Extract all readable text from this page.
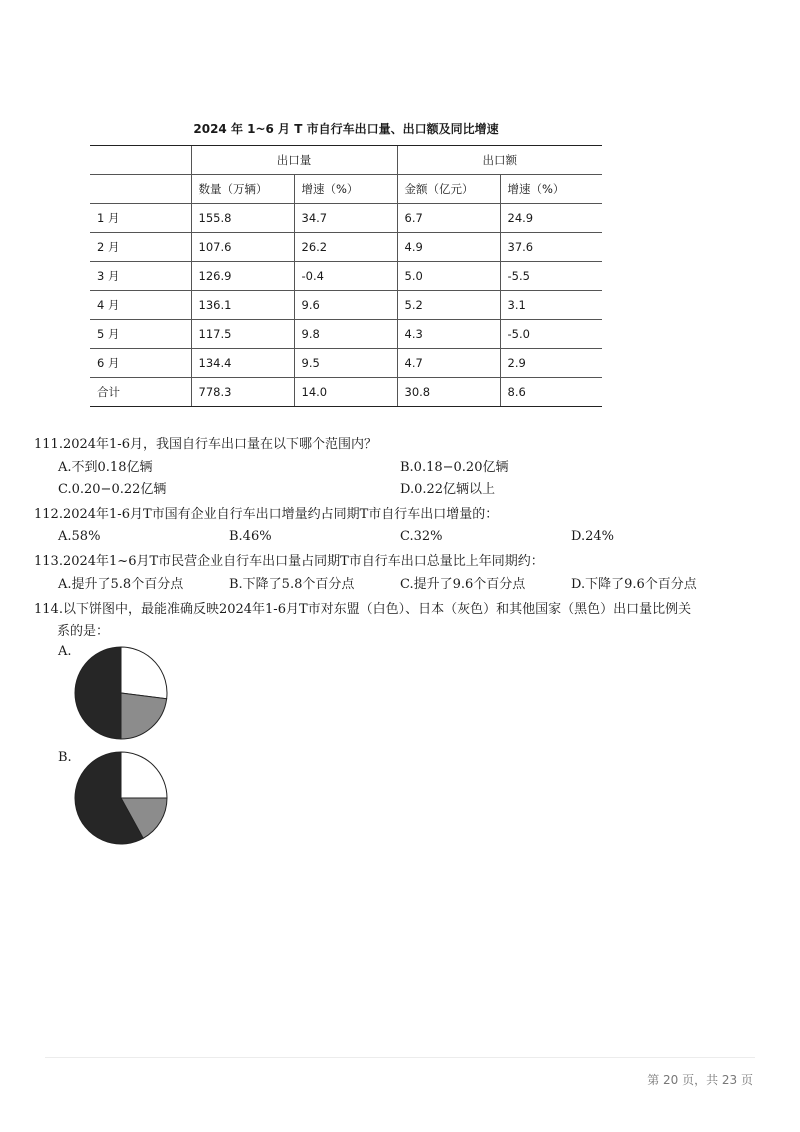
2024 年 1~6 月 T 市自行车出口量、出口额及同比增速
	出口量		出口额	
	数量（万辆）	增速（%）	金额（亿元）	增速（%）
1 月	155.8	34.7	6.7	24.9
2 月	107.6	26.2	4.9	37.6
3 月	126.9	-0.4	5.0	-5.5
4 月	136.1	9.6	5.2	3.1
5 月	117.5	9.8	4.3	-5.0
6 月	134.4	9.5	4.7	2.9
合计	778.3	14.0	30.8	8.6
111.2024年1-6月，我国自行车出口量在以下哪个范围内？
A.不到0.18亿辆	B.0.18−0.20亿辆
C.0.20−0.22亿辆	D.0.22亿辆以上
112.2024年1-6月T市国有企业自行车出口增量约占同期T市自行车出口增量的：
A.58%	B.46%	C.32%	D.24%
113.2024年1~6月T市民营企业自行车出口量占同期T市自行车出口总量比上年同期约：
A.提升了5.8个百分点	B.下降了5.8个百分点	C.提升了9.6个百分点	D.下降了9.6个百分点
114.以下饼图中，最能准确反映2024年1-6月T市对东盟（白色）、日本（灰色）和其他国家（黑色）出口量比例关
系的是：
A.
B.
第 20 页，共 23 页
